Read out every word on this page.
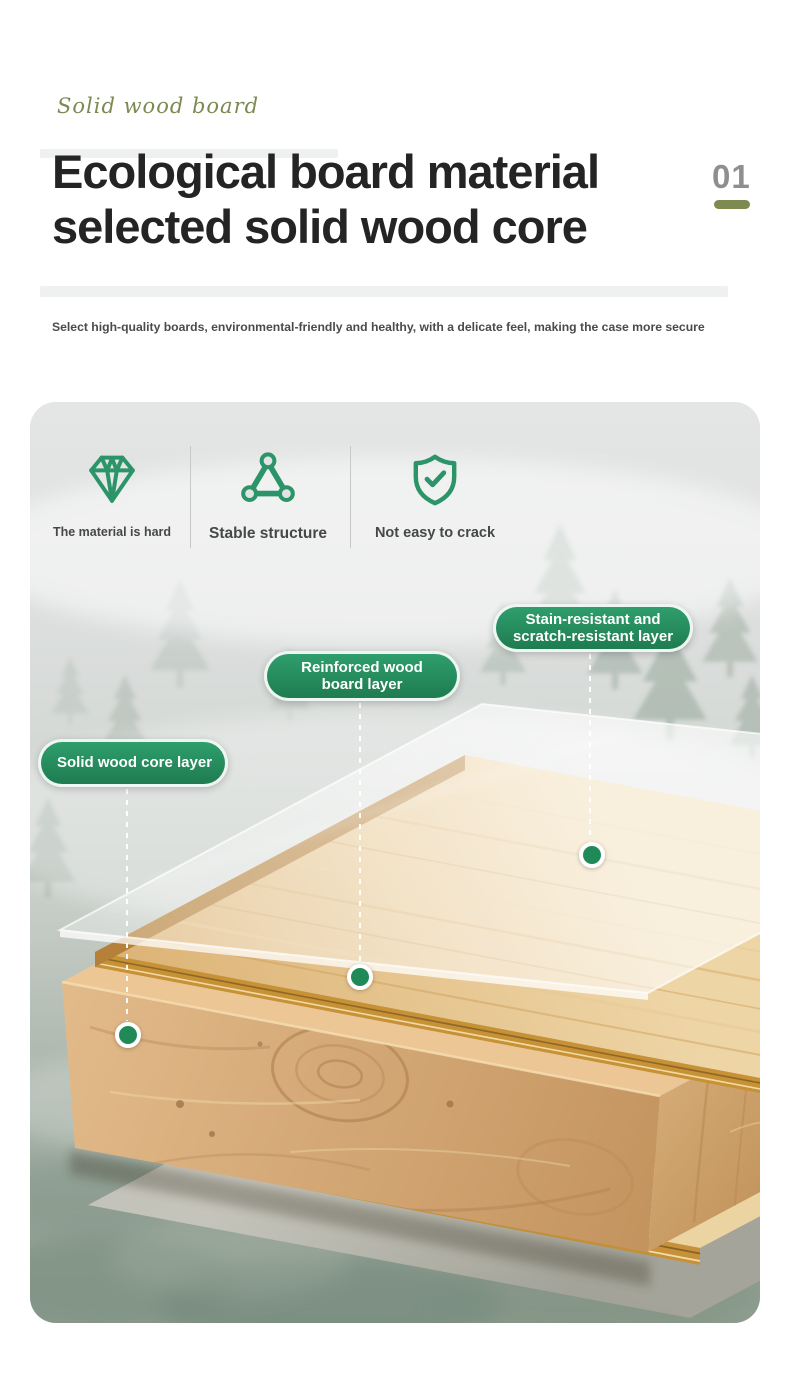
Solid wood board
Ecological board material
selected solid wood core
01

Select high-quality boards, environmental-friendly and healthy, with a delicate feel, making the case more secure

The material is hard	Stable structure	Not easy to crack
Stain-resistant and scratch-resistant layer
Reinforced wood board layer
Solid wood core layer
